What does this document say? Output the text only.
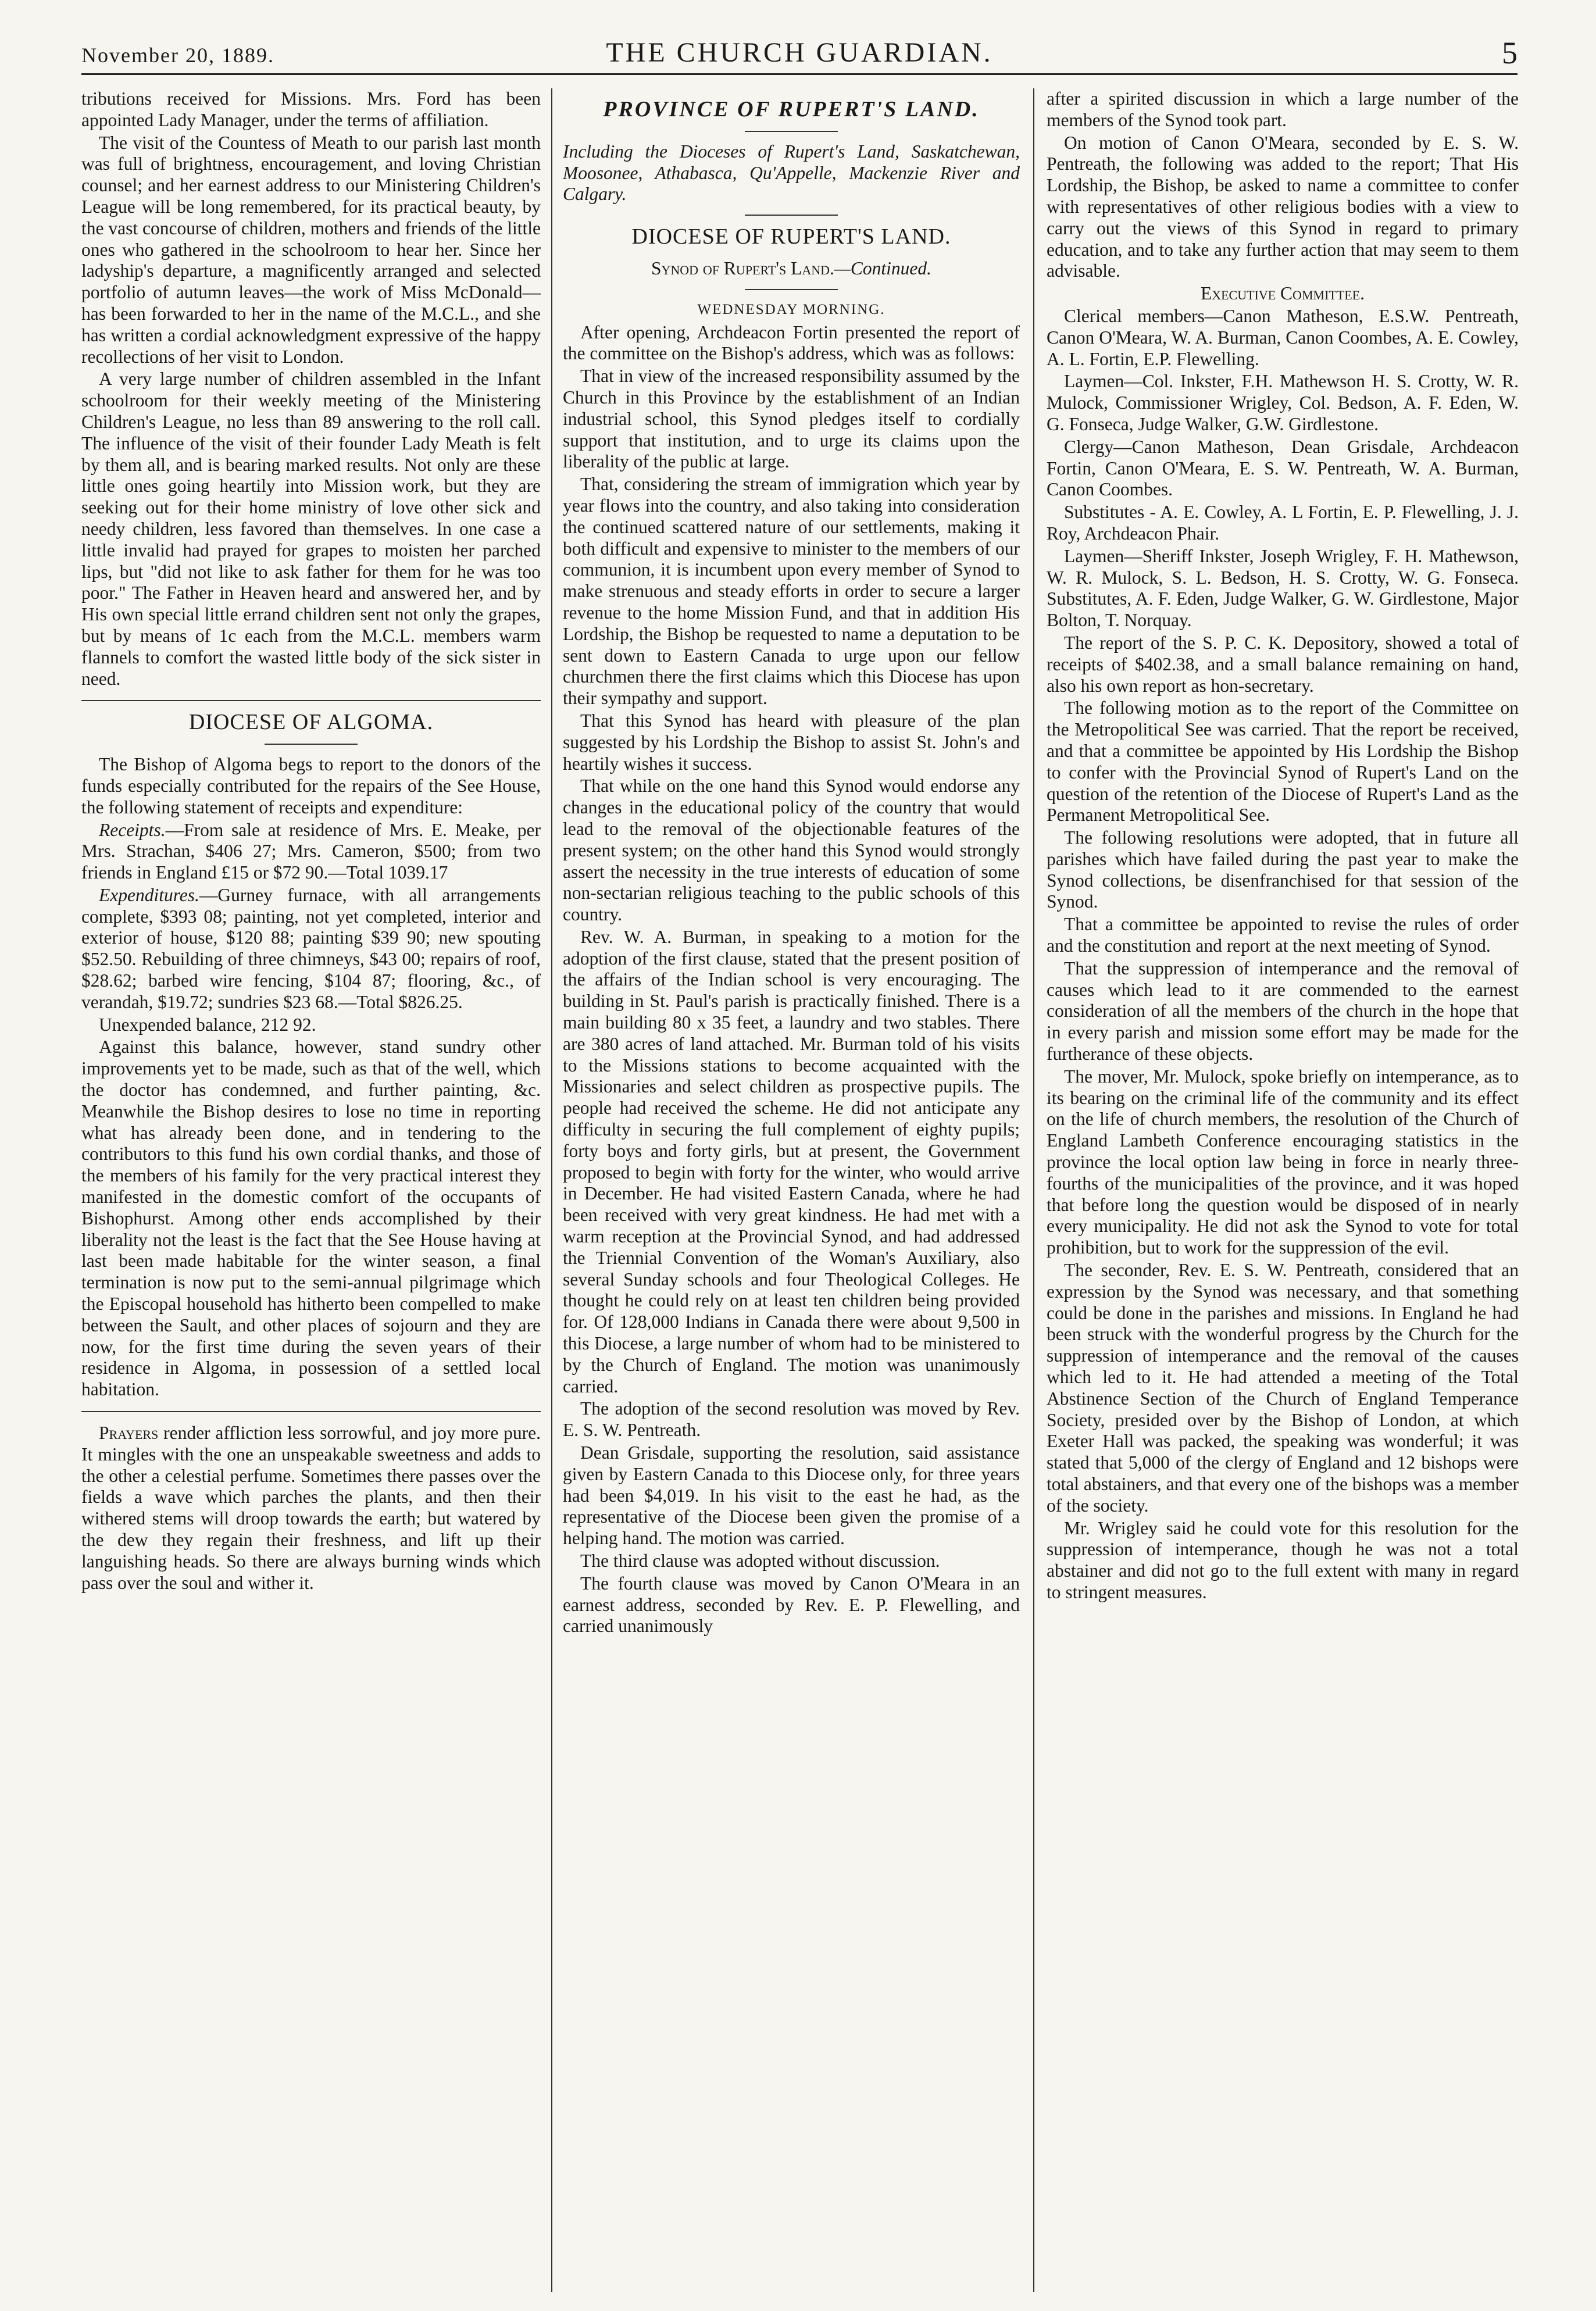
November 20, 1889.	THE CHURCH GUARDIAN.	5

tributions received for Missions. Mrs. Ford has been appointed Lady Manager, under the terms of affiliation.

The visit of the Countess of Meath to our parish last month was full of brightness, encouragement, and loving Christian counsel; and her earnest address to our Ministering Children's League will be long remembered, for its practical beauty, by the vast concourse of children, mothers and friends of the little ones who gathered in the schoolroom to hear her. Since her ladyship's departure, a magnificently arranged and selected portfolio of autumn leaves—the work of Miss McDonald—has been forwarded to her in the name of the M.C.L., and she has written a cordial acknowledgment expressive of the happy recollections of her visit to London.

A very large number of children assembled in the Infant schoolroom for their weekly meeting of the Ministering Children's League, no less than 89 answering to the roll call. The influence of the visit of their founder Lady Meath is felt by them all, and is bearing marked results. Not only are these little ones going heartily into Mission work, but they are seeking out for their home ministry of love other sick and needy children, less favored than themselves. In one case a little invalid had prayed for grapes to moisten her parched lips, but "did not like to ask father for them for he was too poor." The Father in Heaven heard and answered her, and by His own special little errand children sent not only the grapes, but by means of 1c each from the M.C.L. members warm flannels to comfort the wasted little body of the sick sister in need.

DIOCESE OF ALGOMA.

The Bishop of Algoma begs to report to the donors of the funds especially contributed for the repairs of the See House, the following statement of receipts and expenditure:

Receipts.—From sale at residence of Mrs. E. Meake, per Mrs. Strachan, $406 27; Mrs. Cameron, $500; from two friends in England £15 or $72 90.—Total 1039.17

Expenditures.—Gurney furnace, with all arrangements complete, $393 08; painting, not yet completed, interior and exterior of house, $120 88; painting $39 90; new spouting $52.50. Rebuilding of three chimneys, $43 00; repairs of roof, $28.62; barbed wire fencing, $104 87; flooring, &c., of verandah, $19.72; sundries $23 68.—Total $826.25.

Unexpended balance, 212 92.

Against this balance, however, stand sundry other improvements yet to be made, such as that of the well, which the doctor has condemned, and further painting, &c. Meanwhile the Bishop desires to lose no time in reporting what has already been done, and in tendering to the contributors to this fund his own cordial thanks, and those of the members of his family for the very practical interest they manifested in the domestic comfort of the occupants of Bishophurst. Among other ends accomplished by their liberality not the least is the fact that the See House having at last been made habitable for the winter season, a final termination is now put to the semi-annual pilgrimage which the Episcopal household has hitherto been compelled to make between the Sault, and other places of sojourn and they are now, for the first time during the seven years of their residence in Algoma, in possession of a settled local habitation.

Prayers render affliction less sorrowful, and joy more pure. It mingles with the one an unspeakable sweetness and adds to the other a celestial perfume. Sometimes there passes over the fields a wave which parches the plants, and then their withered stems will droop towards the earth; but watered by the dew they regain their freshness, and lift up their languishing heads. So there are always burning winds which pass over the soul and wither it.

PROVINCE OF RUPERT'S LAND.

Including the Dioceses of Rupert's Land, Saskatchewan, Moosonee, Athabasca, Qu'Appelle, Mackenzie River and Calgary.

DIOCESE OF RUPERT'S LAND.

Synod of Rupert's Land.—Continued.

WEDNESDAY MORNING.

After opening, Archdeacon Fortin presented the report of the committee on the Bishop's address, which was as follows:

That in view of the increased responsibility assumed by the Church in this Province by the establishment of an Indian industrial school, this Synod pledges itself to cordially support that institution, and to urge its claims upon the liberality of the public at large.

That, considering the stream of immigration which year by year flows into the country, and also taking into consideration the continued scattered nature of our settlements, making it both difficult and expensive to minister to the members of our communion, it is incumbent upon every member of Synod to make strenuous and steady efforts in order to secure a larger revenue to the home Mission Fund, and that in addition His Lordship, the Bishop be requested to name a deputation to be sent down to Eastern Canada to urge upon our fellow churchmen there the first claims which this Diocese has upon their sympathy and support.

That this Synod has heard with pleasure of the plan suggested by his Lordship the Bishop to assist St. John's and heartily wishes it success.

That while on the one hand this Synod would endorse any changes in the educational policy of the country that would lead to the removal of the objectionable features of the present system; on the other hand this Synod would strongly assert the necessity in the true interests of education of some non-sectarian religious teaching to the public schools of this country.

Rev. W. A. Burman, in speaking to a motion for the adoption of the first clause, stated that the present position of the affairs of the Indian school is very encouraging. The building in St. Paul's parish is practically finished. There is a main building 80 x 35 feet, a laundry and two stables. There are 380 acres of land attached. Mr. Burman told of his visits to the Missions stations to become acquainted with the Missionaries and select children as prospective pupils. The people had received the scheme. He did not anticipate any difficulty in securing the full complement of eighty pupils; forty boys and forty girls, but at present, the Government proposed to begin with forty for the winter, who would arrive in December. He had visited Eastern Canada, where he had been received with very great kindness. He had met with a warm reception at the Provincial Synod, and had addressed the Triennial Convention of the Woman's Auxiliary, also several Sunday schools and four Theological Colleges. He thought he could rely on at least ten children being provided for. Of 128,000 Indians in Canada there were about 9,500 in this Diocese, a large number of whom had to be ministered to by the Church of England. The motion was unanimously carried.

The adoption of the second resolution was moved by Rev. E. S. W. Pentreath.

Dean Grisdale, supporting the resolution, said assistance given by Eastern Canada to this Diocese only, for three years had been $4,019. In his visit to the east he had, as the representative of the Diocese been given the promise of a helping hand. The motion was carried.

The third clause was adopted without discussion.

The fourth clause was moved by Canon O'Meara in an earnest address, seconded by Rev. E. P. Flewelling, and carried unanimously

after a spirited discussion in which a large number of the members of the Synod took part.

On motion of Canon O'Meara, seconded by E. S. W. Pentreath, the following was added to the report; That His Lordship, the Bishop, be asked to name a committee to confer with representatives of other religious bodies with a view to carry out the views of this Synod in regard to primary education, and to take any further action that may seem to them advisable.

Executive Committee.

Clerical members—Canon Matheson, E.S.W. Pentreath, Canon O'Meara, W. A. Burman, Canon Coombes, A. E. Cowley, A. L. Fortin, E.P. Flewelling.

Laymen—Col. Inkster, F.H. Mathewson H. S. Crotty, W. R. Mulock, Commissioner Wrigley, Col. Bedson, A. F. Eden, W. G. Fonseca, Judge Walker, G.W. Girdlestone.

Clergy—Canon Matheson, Dean Grisdale, Archdeacon Fortin, Canon O'Meara, E. S. W. Pentreath, W. A. Burman, Canon Coombes.

Substitutes - A. E. Cowley, A. L Fortin, E. P. Flewelling, J. J. Roy, Archdeacon Phair.

Laymen—Sheriff Inkster, Joseph Wrigley, F. H. Mathewson, W. R. Mulock, S. L. Bedson, H. S. Crotty, W. G. Fonseca. Substitutes, A. F. Eden, Judge Walker, G. W. Girdlestone, Major Bolton, T. Norquay.

The report of the S. P. C. K. Depository, showed a total of receipts of $402.38, and a small balance remaining on hand, also his own report as hon-secretary.

The following motion as to the report of the Committee on the Metropolitical See was carried. That the report be received, and that a committee be appointed by His Lordship the Bishop to confer with the Provincial Synod of Rupert's Land on the question of the retention of the Diocese of Rupert's Land as the Permanent Metropolitical See.

The following resolutions were adopted, that in future all parishes which have failed during the past year to make the Synod collections, be disenfranchised for that session of the Synod.

That a committee be appointed to revise the rules of order and the constitution and report at the next meeting of Synod.

That the suppression of intemperance and the removal of causes which lead to it are commended to the earnest consideration of all the members of the church in the hope that in every parish and mission some effort may be made for the furtherance of these objects.

The mover, Mr. Mulock, spoke briefly on intemperance, as to its bearing on the criminal life of the community and its effect on the life of church members, the resolution of the Church of England Lambeth Conference encouraging statistics in the province the local option law being in force in nearly three-fourths of the municipalities of the province, and it was hoped that before long the question would be disposed of in nearly every municipality. He did not ask the Synod to vote for total prohibition, but to work for the suppression of the evil.

The seconder, Rev. E. S. W. Pentreath, considered that an expression by the Synod was necessary, and that something could be done in the parishes and missions. In England he had been struck with the wonderful progress by the Church for the suppression of intemperance and the removal of the causes which led to it. He had attended a meeting of the Total Abstinence Section of the Church of England Temperance Society, presided over by the Bishop of London, at which Exeter Hall was packed, the speaking was wonderful; it was stated that 5,000 of the clergy of England and 12 bishops were total abstainers, and that every one of the bishops was a member of the society.

Mr. Wrigley said he could vote for this resolution for the suppression of intemperance, though he was not a total abstainer and did not go to the full extent with many in regard to stringent measures.
